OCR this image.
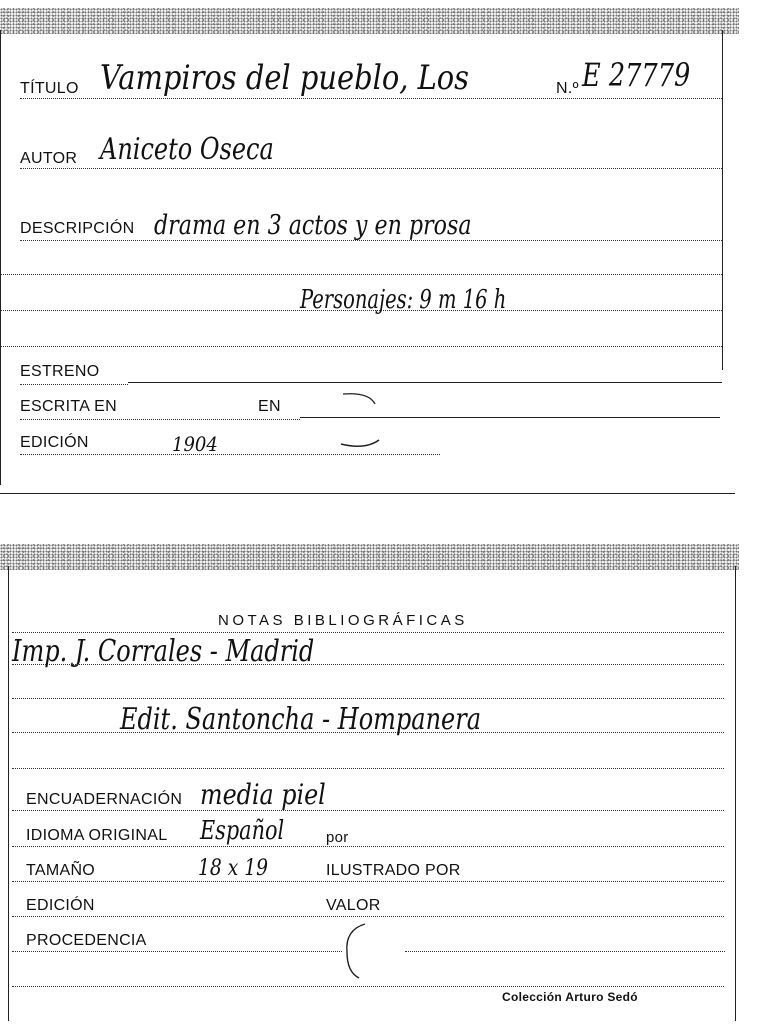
TÍTULO Vampiros del pueblo, Los	N.º E 27779
AUTOR Aniceto Oseca
DESCRIPCIÓN drama en 3 actos y en prosa
Personajes: 9 m 16 h
ESTRENO
ESCRITA EN	EN
EDICIÓN	1904
NOTAS BIBLIOGRÁFICAS
Imp. J. Corrales - Madrid
Edit. Santoncha - Hompanera
ENCUADERNACIÓN media piel
IDIOMA ORIGINAL Español	por
TAMAÑO	18 x 19	ILUSTRADO POR
EDICIÓN	VALOR
PROCEDENCIA
Colección Arturo Sedó
